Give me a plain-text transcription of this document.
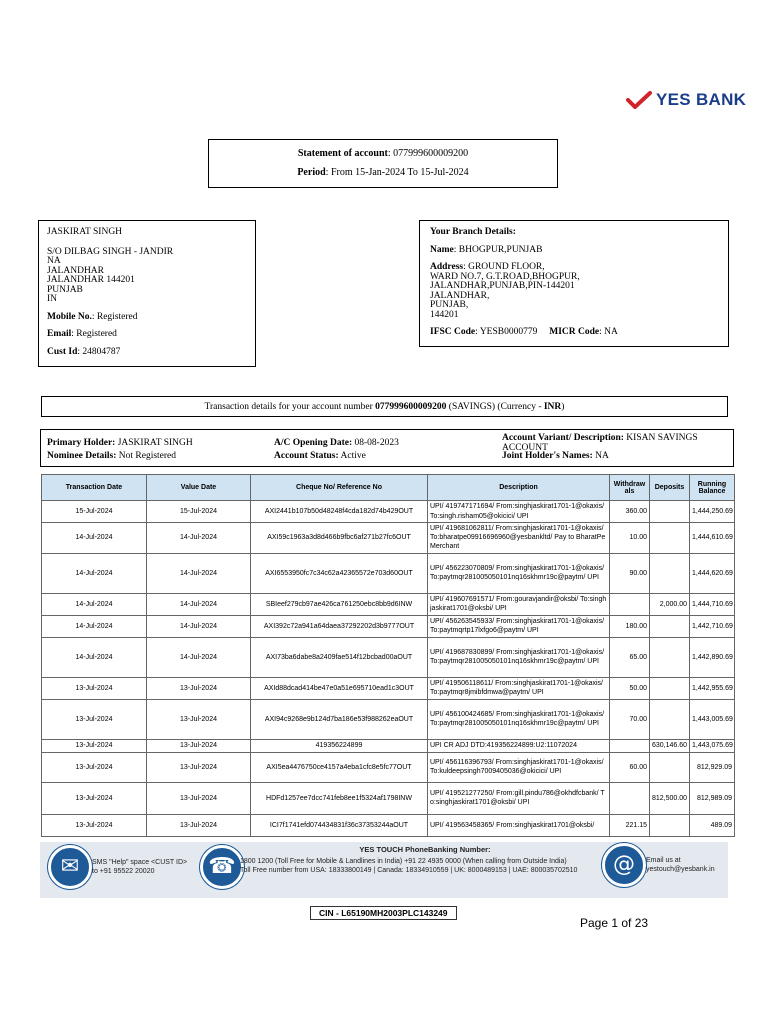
YES BANK
Statement of account: 077999600009200
Period: From 15-Jan-2024 To 15-Jul-2024
JASKIRAT SINGH
S/O DILBAG SINGH - JANDIR
NA
JALANDHAR
JALANDHAR 144201
PUNJAB
IN
Mobile No.: Registered
Email: Registered
Cust Id: 24804787
Your Branch Details:
Name: BHOGPUR,PUNJAB
Address: GROUND FLOOR,
WARD NO.7, G.T.ROAD,BHOGPUR,
JALANDHAR,PUNJAB,PIN-144201
JALANDHAR,
PUNJAB,
144201
IFSC Code: YESB0000779 MICR Code: NA
Transaction details for your account number 077999600009200 (SAVINGS) (Currency - INR)
Primary Holder: JASKIRAT SINGH
Nominee Details: Not Registered
A/C Opening Date: 08-08-2023
Account Status: Active
Account Variant/ Description: KISAN SAVINGS ACCOUNT
Joint Holder's Names: NA
Transaction Date	Value Date	Cheque No/ Reference No	Description	Withdrawals	Deposits	Running Balance
15-Jul-2024	15-Jul-2024	AXI2441b107b50d48248f4cda182d74b429OUT	UPI/ 419747171694/ From:singhjaskirat1701-1@okaxis/ To:singh.risham05@okicici/ UPI	360.00		1,444,250.69
14-Jul-2024	14-Jul-2024	AXI59c1963a3d8d466b9fbc6af271b27fc6OUT	UPI/ 419681062811/ From:singhjaskirat1701-1@okaxis/ To:bharatpe09916696960@yesbankltd/ Pay to BharatPe Merchant	10.00		1,444,610.69
14-Jul-2024	14-Jul-2024	AXI6553950fc7c34c62a42365572e703d60OUT	UPI/ 456223070809/ From:singhjaskirat1701-1@okaxis/ To:paytmqr281005050101nq16skhmr19c@paytm/ UPI	90.00		1,444,620.69
14-Jul-2024	14-Jul-2024	SBIeef279cb97ae426ca761250ebc8bb9d6INW	UPI/ 419607691571/ From:gouravjandir@oksbi/ To:singhjaskirat1701@oksbi/ UPI		2,000.00	1,444,710.69
14-Jul-2024	14-Jul-2024	AXI392c72a941a64daea37292202d3b9777OUT	UPI/ 456263545933/ From:singhjaskirat1701-1@okaxis/ To:paytmqrtp17lxfgo6@paytm/ UPI	180.00		1,442,710.69
14-Jul-2024	14-Jul-2024	AXI73ba6dabe8a2409fae514f12bcbad00aOUT	UPI/ 419687830899/ From:singhjaskirat1701-1@okaxis/ To:paytmqr281005050101nq16skhmr19c@paytm/ UPI	65.00		1,442,890.69
13-Jul-2024	13-Jul-2024	AXId88dcad414be47e0a51e695710ead1c3OUT	UPI/ 419506118611/ From:singhjaskirat1701-1@okaxis/ To:paytmqr8jmibfdmwa@paytm/ UPI	50.00		1,442,955.69
13-Jul-2024	13-Jul-2024	AXI94c9268e9b124d7ba186e53f988262eaOUT	UPI/ 456100424685/ From:singhjaskirat1701-1@okaxis/ To:paytmqr281005050101nq16skhmr19c@paytm/ UPI	70.00		1,443,005.69
13-Jul-2024	13-Jul-2024	419356224899	UPI CR ADJ DTD:419356224899:U2:11072024		630,146.60	1,443,075.69
13-Jul-2024	13-Jul-2024	AXI5ea4476750ce4157a4eba1cfc8e5fc77OUT	UPI/ 456116396793/ From:singhjaskirat1701-1@okaxis/ To:kuldeepsingh7009405036@okicici/ UPI	60.00		812,929.09
13-Jul-2024	13-Jul-2024	HDFd1257ee7dcc741feb8ee1f5324af1798INW	UPI/ 419521277250/ From:gill.pindu786@okhdfcbank/ To:singhjaskirat1701@oksbi/ UPI		812,500.00	812,989.09
13-Jul-2024	13-Jul-2024	ICI7f1741efd074434831f36c37353244aOUT	UPI/ 419563458365/ From:singhjaskirat1701@oksbi/	221.15		489.09
✉	SMS "Help" space <CUST ID>
to +91 95522 20020	☎
YES TOUCH PhoneBanking Number:
1800 1200 (Toll Free for Mobile & Landlines in India) +91 22 4935 0000 (When calling from Outside India)
Toll Free number from USA: 18333800149 | Canada: 18334910559 | UK: 8000489153 | UAE: 800035702510	@	Email us at
yestouch@yesbank.in
CIN - L65190MH2003PLC143249
Page 1 of 23
